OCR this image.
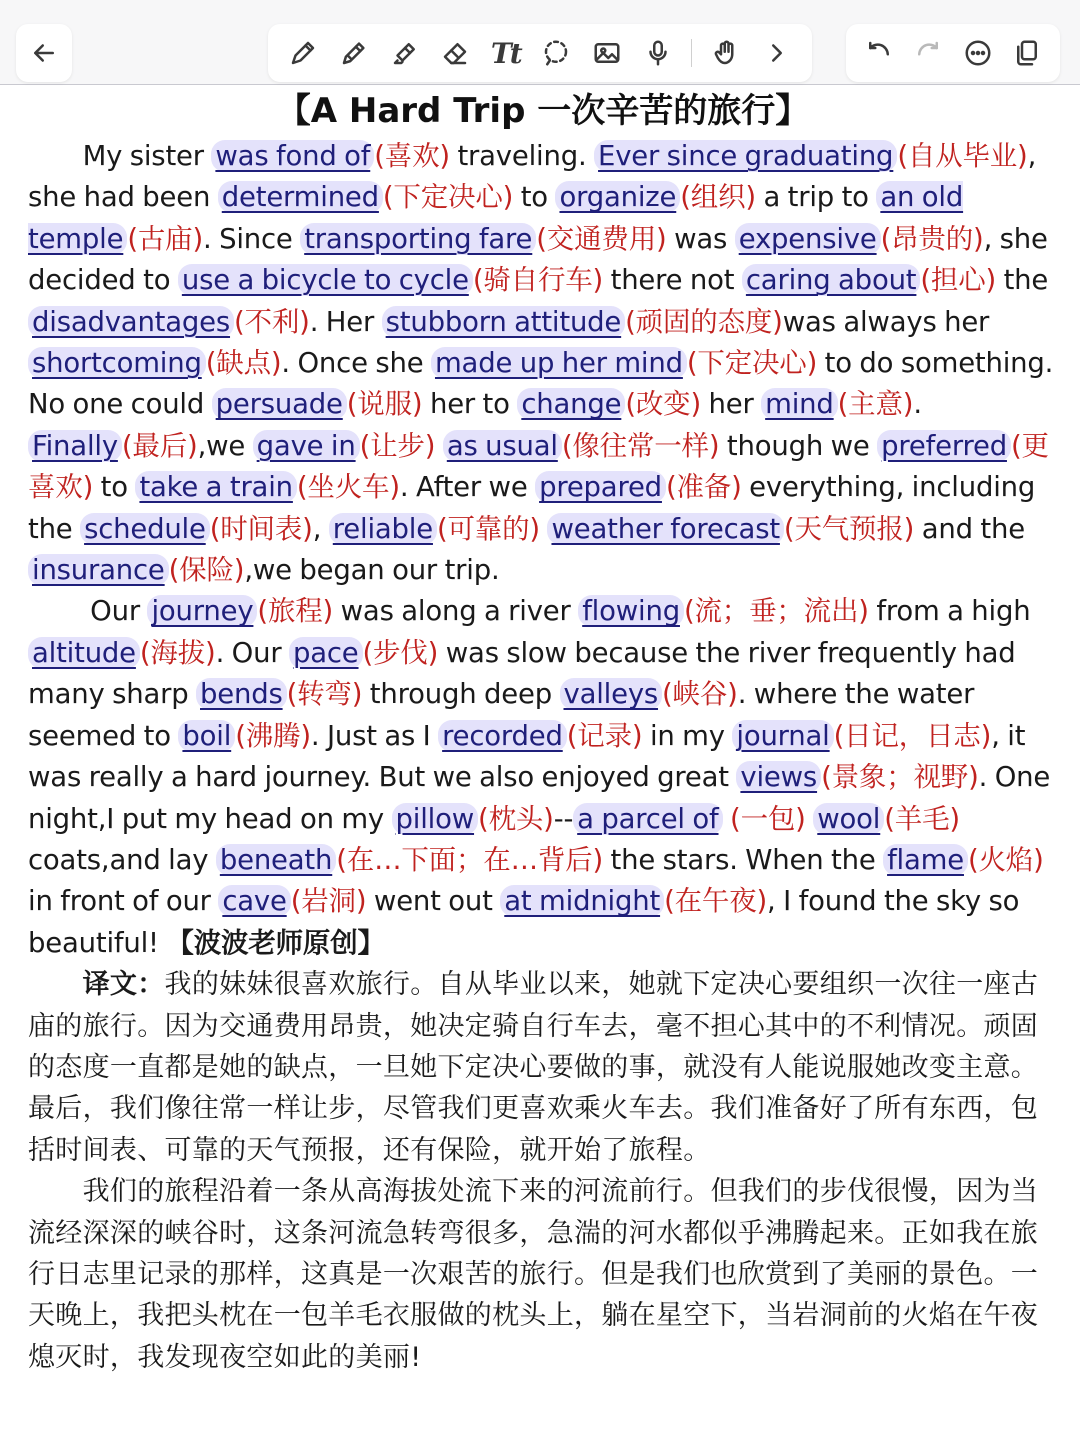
Tt
【A Hard Trip 一次辛苦的旅行】

　　My sister was fond of (喜欢) traveling. Ever since graduating (自从毕业), she had been determined (下定决心) to organize (组织) a trip to an old temple (古庙). Since transporting fare (交通费用) was expensive (昂贵的), she decided to use a bicycle to cycle (骑自行车) there not caring about (担心) the disadvantages (不利). Her stubborn attitude (顽固的态度)was always her shortcoming (缺点). Once she made up her mind (下定决心) to do something. No one could persuade (说服) her to change (改变) her mind (主意). Finally (最后),we gave in (让步) as usual (像往常一样) though we preferred (更喜欢) to take a train (坐火车). After we prepared (准备) everything, including the schedule (时间表), reliable (可靠的) weather forecast (天气预报) and the insurance (保险),we began our trip.

　　 Our journey (旅程) was along a river flowing (流；垂；流出) from a high altitude (海拔). Our pace (步伐) was slow because the river frequently had many sharp bends (转弯) through deep valleys (峡谷). where the water seemed to boil (沸腾). Just as I recorded (记录) in my journal (日记，日志), it was really a hard journey. But we also enjoyed great views (景象；视野). One night,I put my head on my pillow (枕头)-- a parcel of (一包) wool (羊毛) coats,and lay beneath (在…下面；在…背后) the stars. When the flame (火焰) in front of our cave (岩洞) went out at midnight (在午夜), I found the sky so beautiful! 【波波老师原创】

　　译文：我的妹妹很喜欢旅行。自从毕业以来，她就下定决心要组织一次往一座古庙的旅行。因为交通费用昂贵，她决定骑自行车去，毫不担心其中的不利情况。顽固的态度一直都是她的缺点，一旦她下定决心要做的事，就没有人能说服她改变主意。最后，我们像往常一样让步，尽管我们更喜欢乘火车去。我们准备好了所有东西，包括时间表、可靠的天气预报，还有保险，就开始了旅程。

　　我们的旅程沿着一条从高海拔处流下来的河流前行。但我们的步伐很慢，因为当流经深深的峡谷时，这条河流急转弯很多，急湍的河水都似乎沸腾起来。正如我在旅行日志里记录的那样，这真是一次艰苦的旅行。但是我们也欣赏到了美丽的景色。一天晚上，我把头枕在一包羊毛衣服做的枕头上，躺在星空下，当岩洞前的火焰在午夜熄灭时，我发现夜空如此的美丽!
